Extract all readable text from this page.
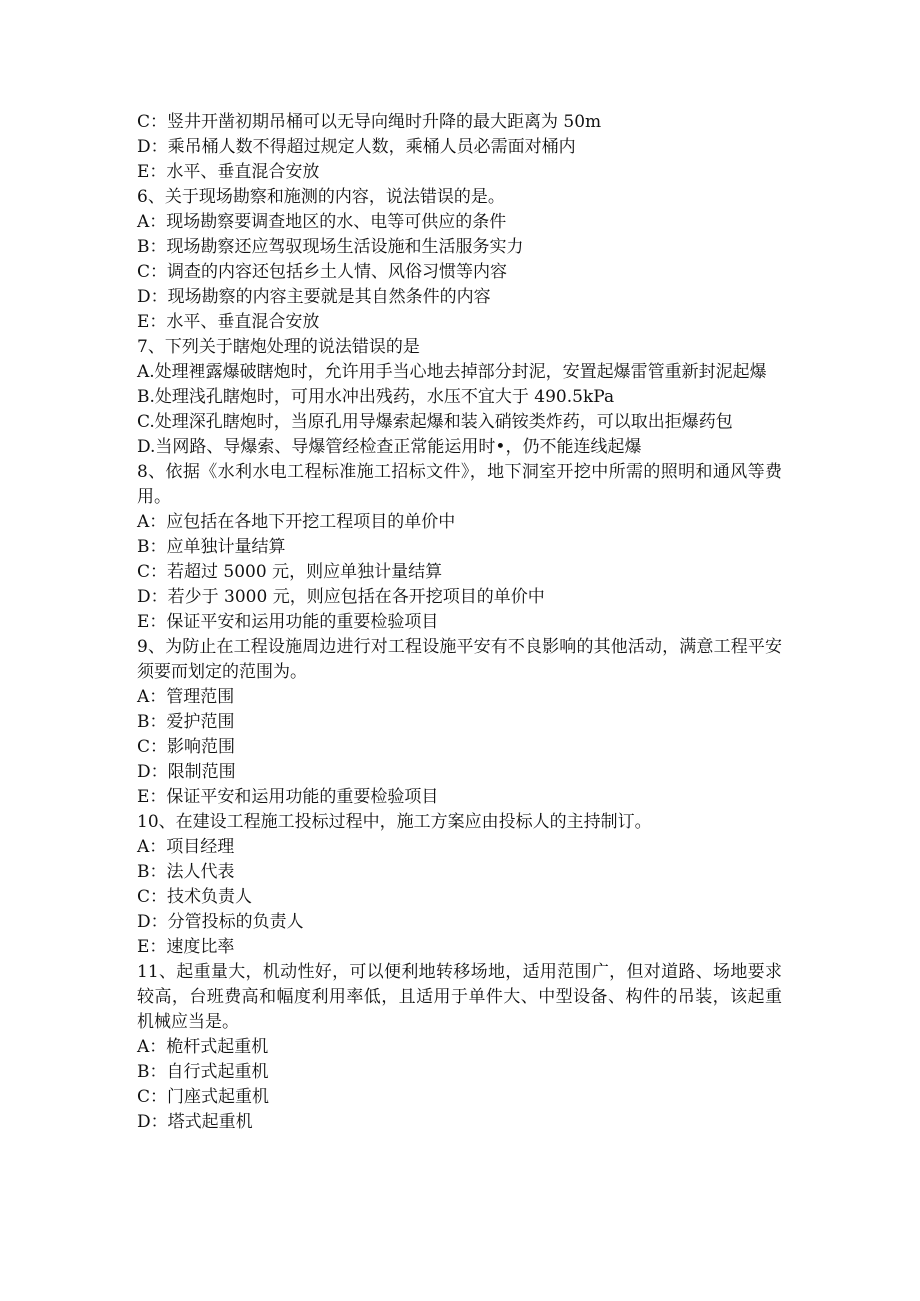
C：竖井开凿初期吊桶可以无导向绳时升降的最大距离为 50m
D：乘吊桶人数不得超过规定人数，乘桶人员必需面对桶内
E：水平、垂直混合安放
6、关于现场勘察和施测的内容，说法错误的是。
A：现场勘察要调查地区的水、电等可供应的条件
B：现场勘察还应驾驭现场生活设施和生活服务实力
C：调查的内容还包括乡土人情、风俗习惯等内容
D：现场勘察的内容主要就是其自然条件的内容
E：水平、垂直混合安放
7、下列关于瞎炮处理的说法错误的是
A.处理裡露爆破瞎炮时，允许用手当心地去掉部分封泥，安置起爆雷管重新封泥起爆
B.处理浅孔瞎炮时，可用水冲出残药，水压不宜大于 490.5kPa
C.处理深孔瞎炮时，当原孔用导爆索起爆和装入硝铵类炸药，可以取出拒爆药包
D.当网路、导爆索、导爆管经检查正常能运用时•，仍不能连线起爆
8、依据《水利水电工程标准施工招标文件》，地下洞室开挖中所需的照明和通风等费用。
A：应包括在各地下开挖工程项目的单价中
B：应单独计量结算
C：若超过 5000 元，则应单独计量结算
D：若少于 3000 元，则应包括在各开挖项目的单价中
E：保证平安和运用功能的重要检验项目
9、为防止在工程设施周边进行对工程设施平安有不良影响的其他活动，满意工程平安须要而划定的范围为。
A：管理范围
B：爱护范围
C：影响范围
D：限制范围
E：保证平安和运用功能的重要检验项目
10、在建设工程施工投标过程中，施工方案应由投标人的主持制订。
A：项目经理
B：法人代表
C：技术负责人
D：分管投标的负责人
E：速度比率
11、起重量大，机动性好，可以便利地转移场地，适用范围广，但对道路、场地要求较高，台班费高和幅度利用率低，且适用于单件大、中型设备、构件的吊装，该起重机械应当是。
A：桅杆式起重机
B：自行式起重机
C：门座式起重机
D：塔式起重机
